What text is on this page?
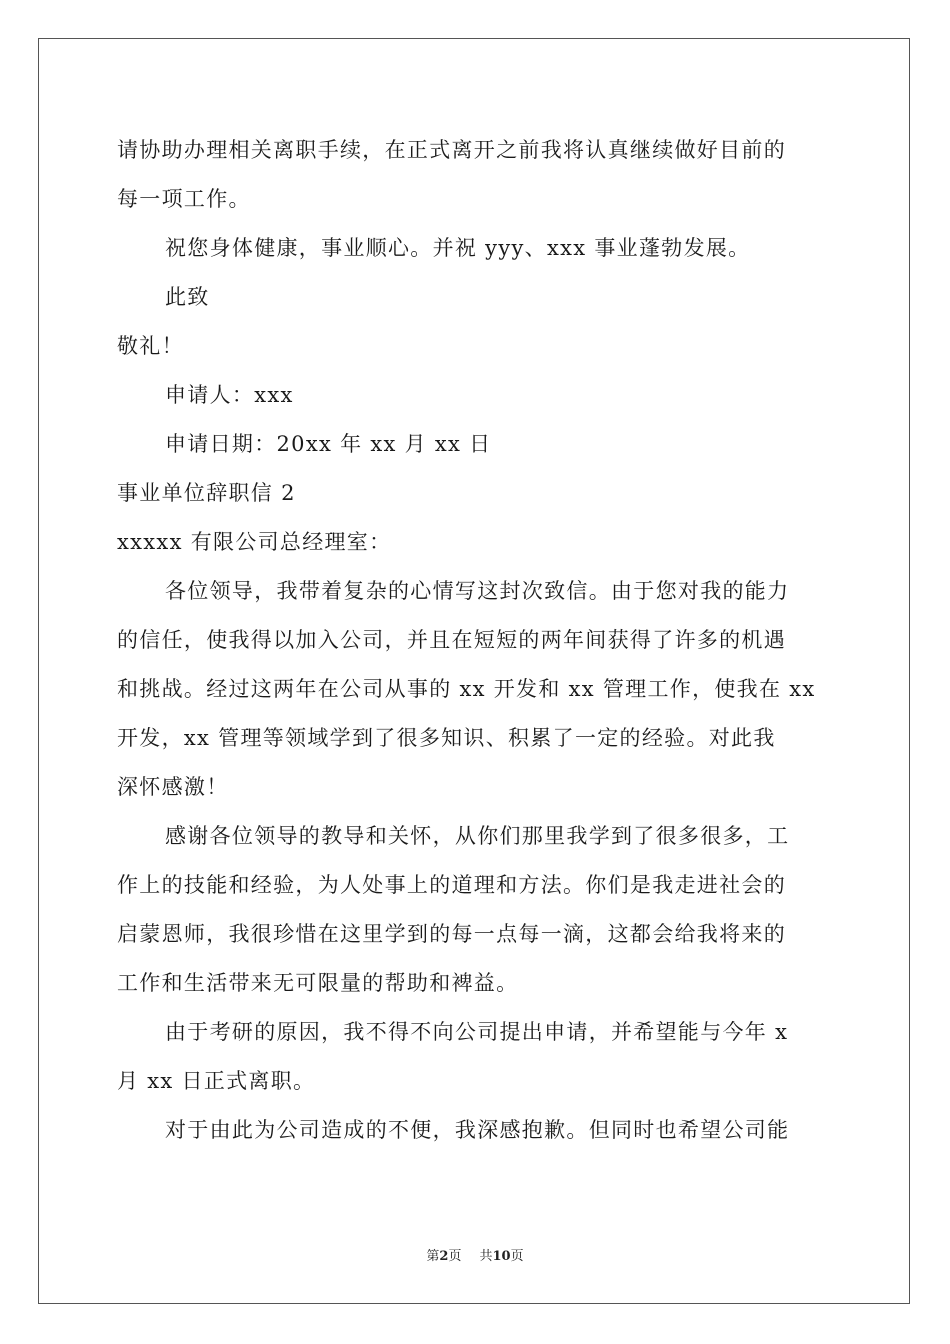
请协助办理相关离职手续，在正式离开之前我将认真继续做好目前的
每一项工作。
祝您身体健康，事业顺心。并祝 yyy、xxx 事业蓬勃发展。
此致
敬礼！
申请人：xxx
申请日期：20xx 年 xx 月 xx 日
事业单位辞职信 2
xxxxx 有限公司总经理室：
各位领导，我带着复杂的心情写这封次致信。由于您对我的能力
的信任，使我得以加入公司，并且在短短的两年间获得了许多的机遇
和挑战。经过这两年在公司从事的 xx 开发和 xx 管理工作，使我在 xx
开发，xx 管理等领域学到了很多知识、积累了一定的经验。对此我
深怀感激！
感谢各位领导的教导和关怀，从你们那里我学到了很多很多，工
作上的技能和经验，为人处事上的道理和方法。你们是我走进社会的
启蒙恩师，我很珍惜在这里学到的每一点每一滴，这都会给我将来的
工作和生活带来无可限量的帮助和裨益。
由于考研的原因，我不得不向公司提出申请，并希望能与今年 x
月 xx 日正式离职。
对于由此为公司造成的不便，我深感抱歉。但同时也希望公司能
第2页 共10页
